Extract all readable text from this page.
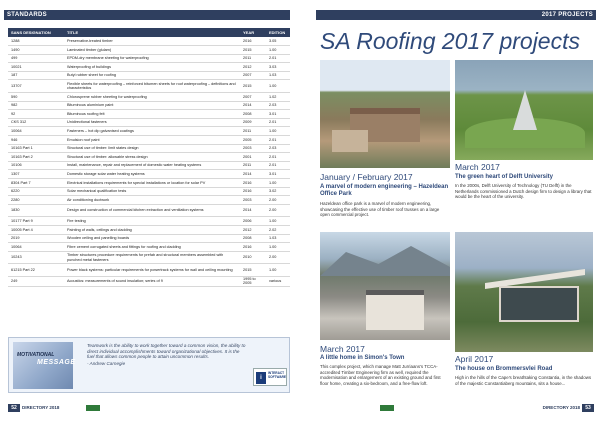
STANDARDS
SANS DESIGNATION	TITLE	YEAR	EDITION
1288	Preservative-treated timber	2016	3.05
1490	Laminated timber (glulam)	2015	1.00
499	EPDM-dry membrane sheeting for waterproofing	2011	2.01
10021	Waterproofing of buildings	2012	3.03
187	Butyl rubber sheet for roofing	2007	1.03
13707	Flexible sheets for waterproofing – reinforced bitumen sheets for roof waterproofing – definitions and characteristics	2015	1.00
590	Chlorosprene rubber sheeting for waterproofing	2007	1.02
982	Bituminous aluminium paint	2014	2.03
92	Bituminous roofing felt	2008	3.01
CKS 312	Unidirectional fasteners	2009	2.01
10064	Fasteners – hot dip galvanised coatings	2011	1.00
946	Emulsion roof paint	2005	2.01
10163 Part 1	Structural use of timber: limit states design	2003	2.03
10163 Part 2	Structural use of timber: allowable stress design	2001	2.01
10106	Install, maintenance, repair and replacement of domestic water heating systems	2011	2.01
1307	Domestic storage solar water heating systems	2014	3.01
8304 Part 7	Electrical installations requirements for special installations or location for solar PV	2016	1.00
6220	Solar mechanical qualification tests	2016	3.02
2280	Air conditioning ductwork	2003	2.00
1830	Design and construction of commercial kitchen extraction and ventilation systems	2014	2.00
10177 Part 9	Fire testing	2006	1.00
10005 Part 4	Painting of walls, ceilings and cladding	2012	2.02
2019	Wooden ceiling and panelling boards	2008	1.03
10064	Fibre cement corrugated sheets and fittings for roofing and cladding	2016	1.00
10243	Timber structures procedure requirements for prefab and structural members assembled with punched metal fasteners	2010	2.00
61215 Part 22	Power black systems: particular requirements for powertrack systems for wall and ceiling mounting	2015	1.00
249	Acoustics: measurements of sound insulation; series of 9	1995 to 2005	various
MOTIVATIONAL
MESSAGE
Teamwork is the ability to work together toward a common vision, the ability to direct individual accomplishments toward organizational objectives. It is the fuel that allows common people to attain uncommon results.
- Andrew Carnegie
i
INTERACT
SOFTWARE
52	DIRECTORY 2018
2017 PROJECTS
SA Roofing 2017 projects
January / February 2017
A marvel of modern engineering – Hazeldean Office Park
Hazeldean office park is a marvel of modern engineering, showcasing the effective use of timber roof trusses on a large open commercial project.
March 2017
The green heart of Delft University
In the 2000s, Delft University of Technology (TU Delft) in the Netherlands commissioned a Dutch design firm to design a library that would be the heart of the university.
March 2017
A little home in Simon's Town
This complex project, which manage Matt Jurriaans's TCCA-accredited Timber Engineering firm as well, required the modernisation and enlargement of an existing ground and first floor home, creating a six-bedroom, and a free-flow loft.
April 2017
The house on Brommersvlei Road
High in the hills of the Cape's breathtaking Constantia, in the shadows of the majestic Constantiaberg mountains, sits a house...
DIRECTORY 2018	53
